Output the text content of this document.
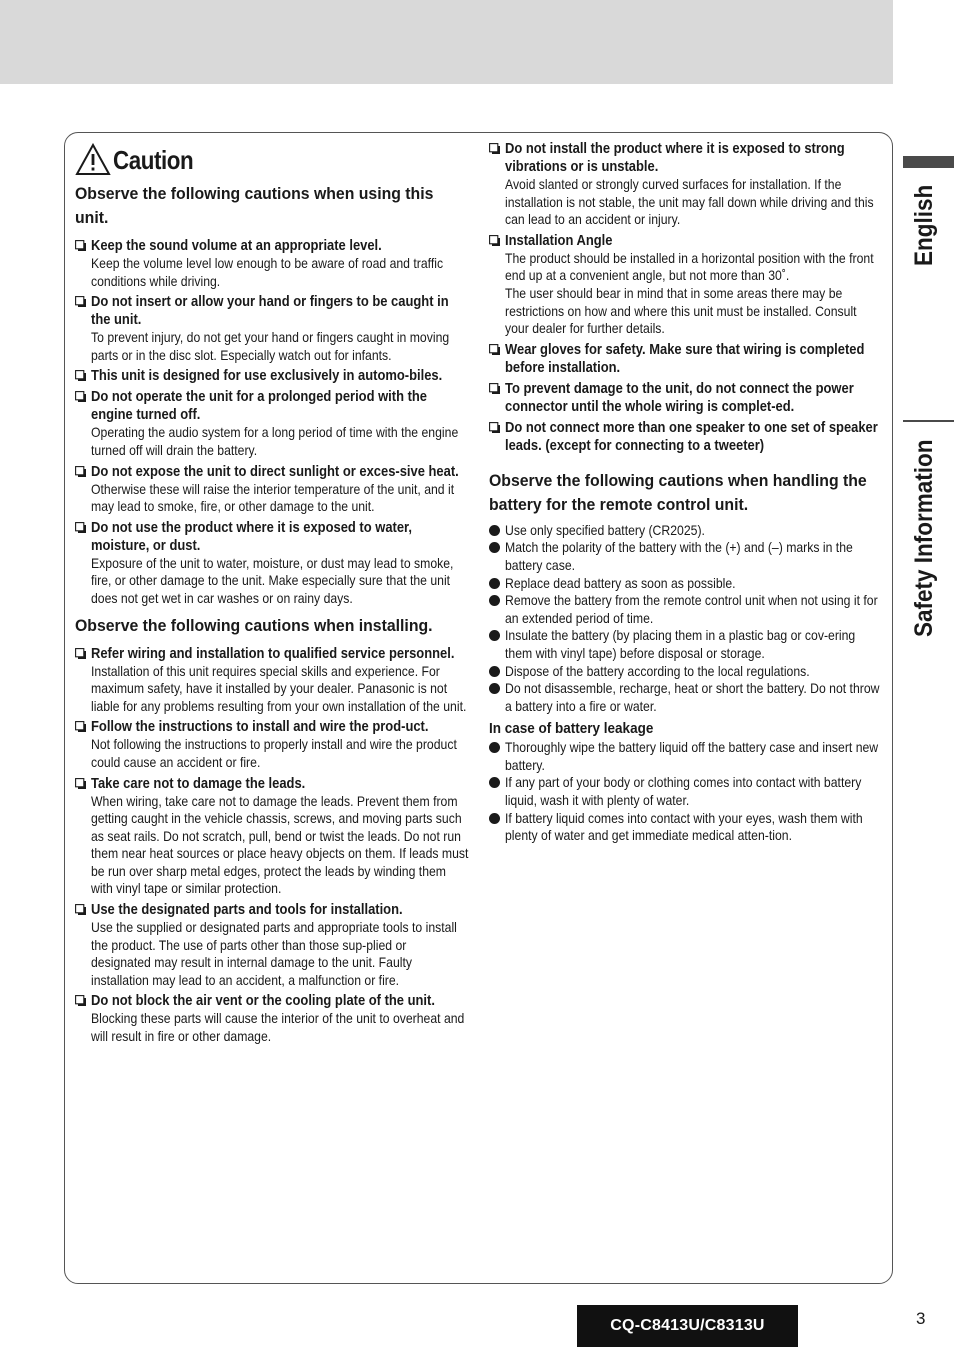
Caution
Observe the following cautions when using this unit.
Keep the sound volume at an appropriate level.
Keep the volume level low enough to be aware of road and traffic conditions while driving.
Do not insert or allow your hand or fingers to be caught in the unit.
To prevent injury, do not get your hand or fingers caught in moving parts or in the disc slot. Especially watch out for infants.
This unit is designed for use exclusively in automo-biles.
Do not operate the unit for a prolonged period with the engine turned off.
Operating the audio system for a long period of time with the engine turned off will drain the battery.
Do not expose the unit to direct sunlight or exces-sive heat.
Otherwise these will raise the interior temperature of the unit, and it may lead to smoke, fire, or other damage to the unit.
Do not use the product where it is exposed to water, moisture, or dust.
Exposure of the unit to water, moisture, or dust may lead to smoke, fire, or other damage to the unit. Make especially sure that the unit does not get wet in car washes or on rainy days.
Observe the following cautions when installing.
Refer wiring and installation to qualified service personnel.
Installation of this unit requires special skills and experience. For maximum safety, have it installed by your dealer. Panasonic is not liable for any problems resulting from your own installation of the unit.
Follow the instructions to install and wire the prod-uct.
Not following the instructions to properly install and wire the product could cause an accident or fire.
Take care not to damage the leads.
When wiring, take care not to damage the leads. Prevent them from getting caught in the vehicle chassis, screws, and moving parts such as seat rails. Do not scratch, pull, bend or twist the leads. Do not run them near heat sources or place heavy objects on them. If leads must be run over sharp metal edges, protect the leads by winding them with vinyl tape or similar protection.
Use the designated parts and tools for installation.
Use the supplied or designated parts and appropriate tools to install the product. The use of parts other than those sup-plied or designated may result in internal damage to the unit. Faulty installation may lead to an accident, a malfunction or fire.
Do not block the air vent or the cooling plate of the unit.
Blocking these parts will cause the interior of the unit to overheat and will result in fire or other damage.
Do not install the product where it is exposed to strong vibrations or is unstable.
Avoid slanted or strongly curved surfaces for installation. If the installation is not stable, the unit may fall down while driving and this can lead to an accident or injury.
Installation Angle
The product should be installed in a horizontal position with the front end up at a convenient angle, but not more than 30˚.
The user should bear in mind that in some areas there may be restrictions on how and where this unit must be installed. Consult your dealer for further details.
Wear gloves for safety. Make sure that wiring is completed before installation.
To prevent damage to the unit, do not connect the power connector until the whole wiring is complet-ed.
Do not connect more than one speaker to one set of speaker leads. (except for connecting to a tweeter)
Observe the following cautions when handling the battery for the remote control unit.
Use only specified battery (CR2025).
Match the polarity of the battery with the (+) and (–) marks in the battery case.
Replace dead battery as soon as possible.
Remove the battery from the remote control unit when not using it for an extended period of time.
Insulate the battery (by placing them in a plastic bag or cov-ering them with vinyl tape) before disposal or storage.
Dispose of the battery according to the local regulations.
Do not disassemble, recharge, heat or short the battery. Do not throw a battery into a fire or water.
In case of battery leakage
Thoroughly wipe the battery liquid off the battery case and insert new battery.
If any part of your body or clothing comes into contact with battery liquid, wash it with plenty of water.
If battery liquid comes into contact with your eyes, wash them with plenty of water and get immediate medical atten-tion.
English
Safety Information
CQ-C8413U/C8313U	3
